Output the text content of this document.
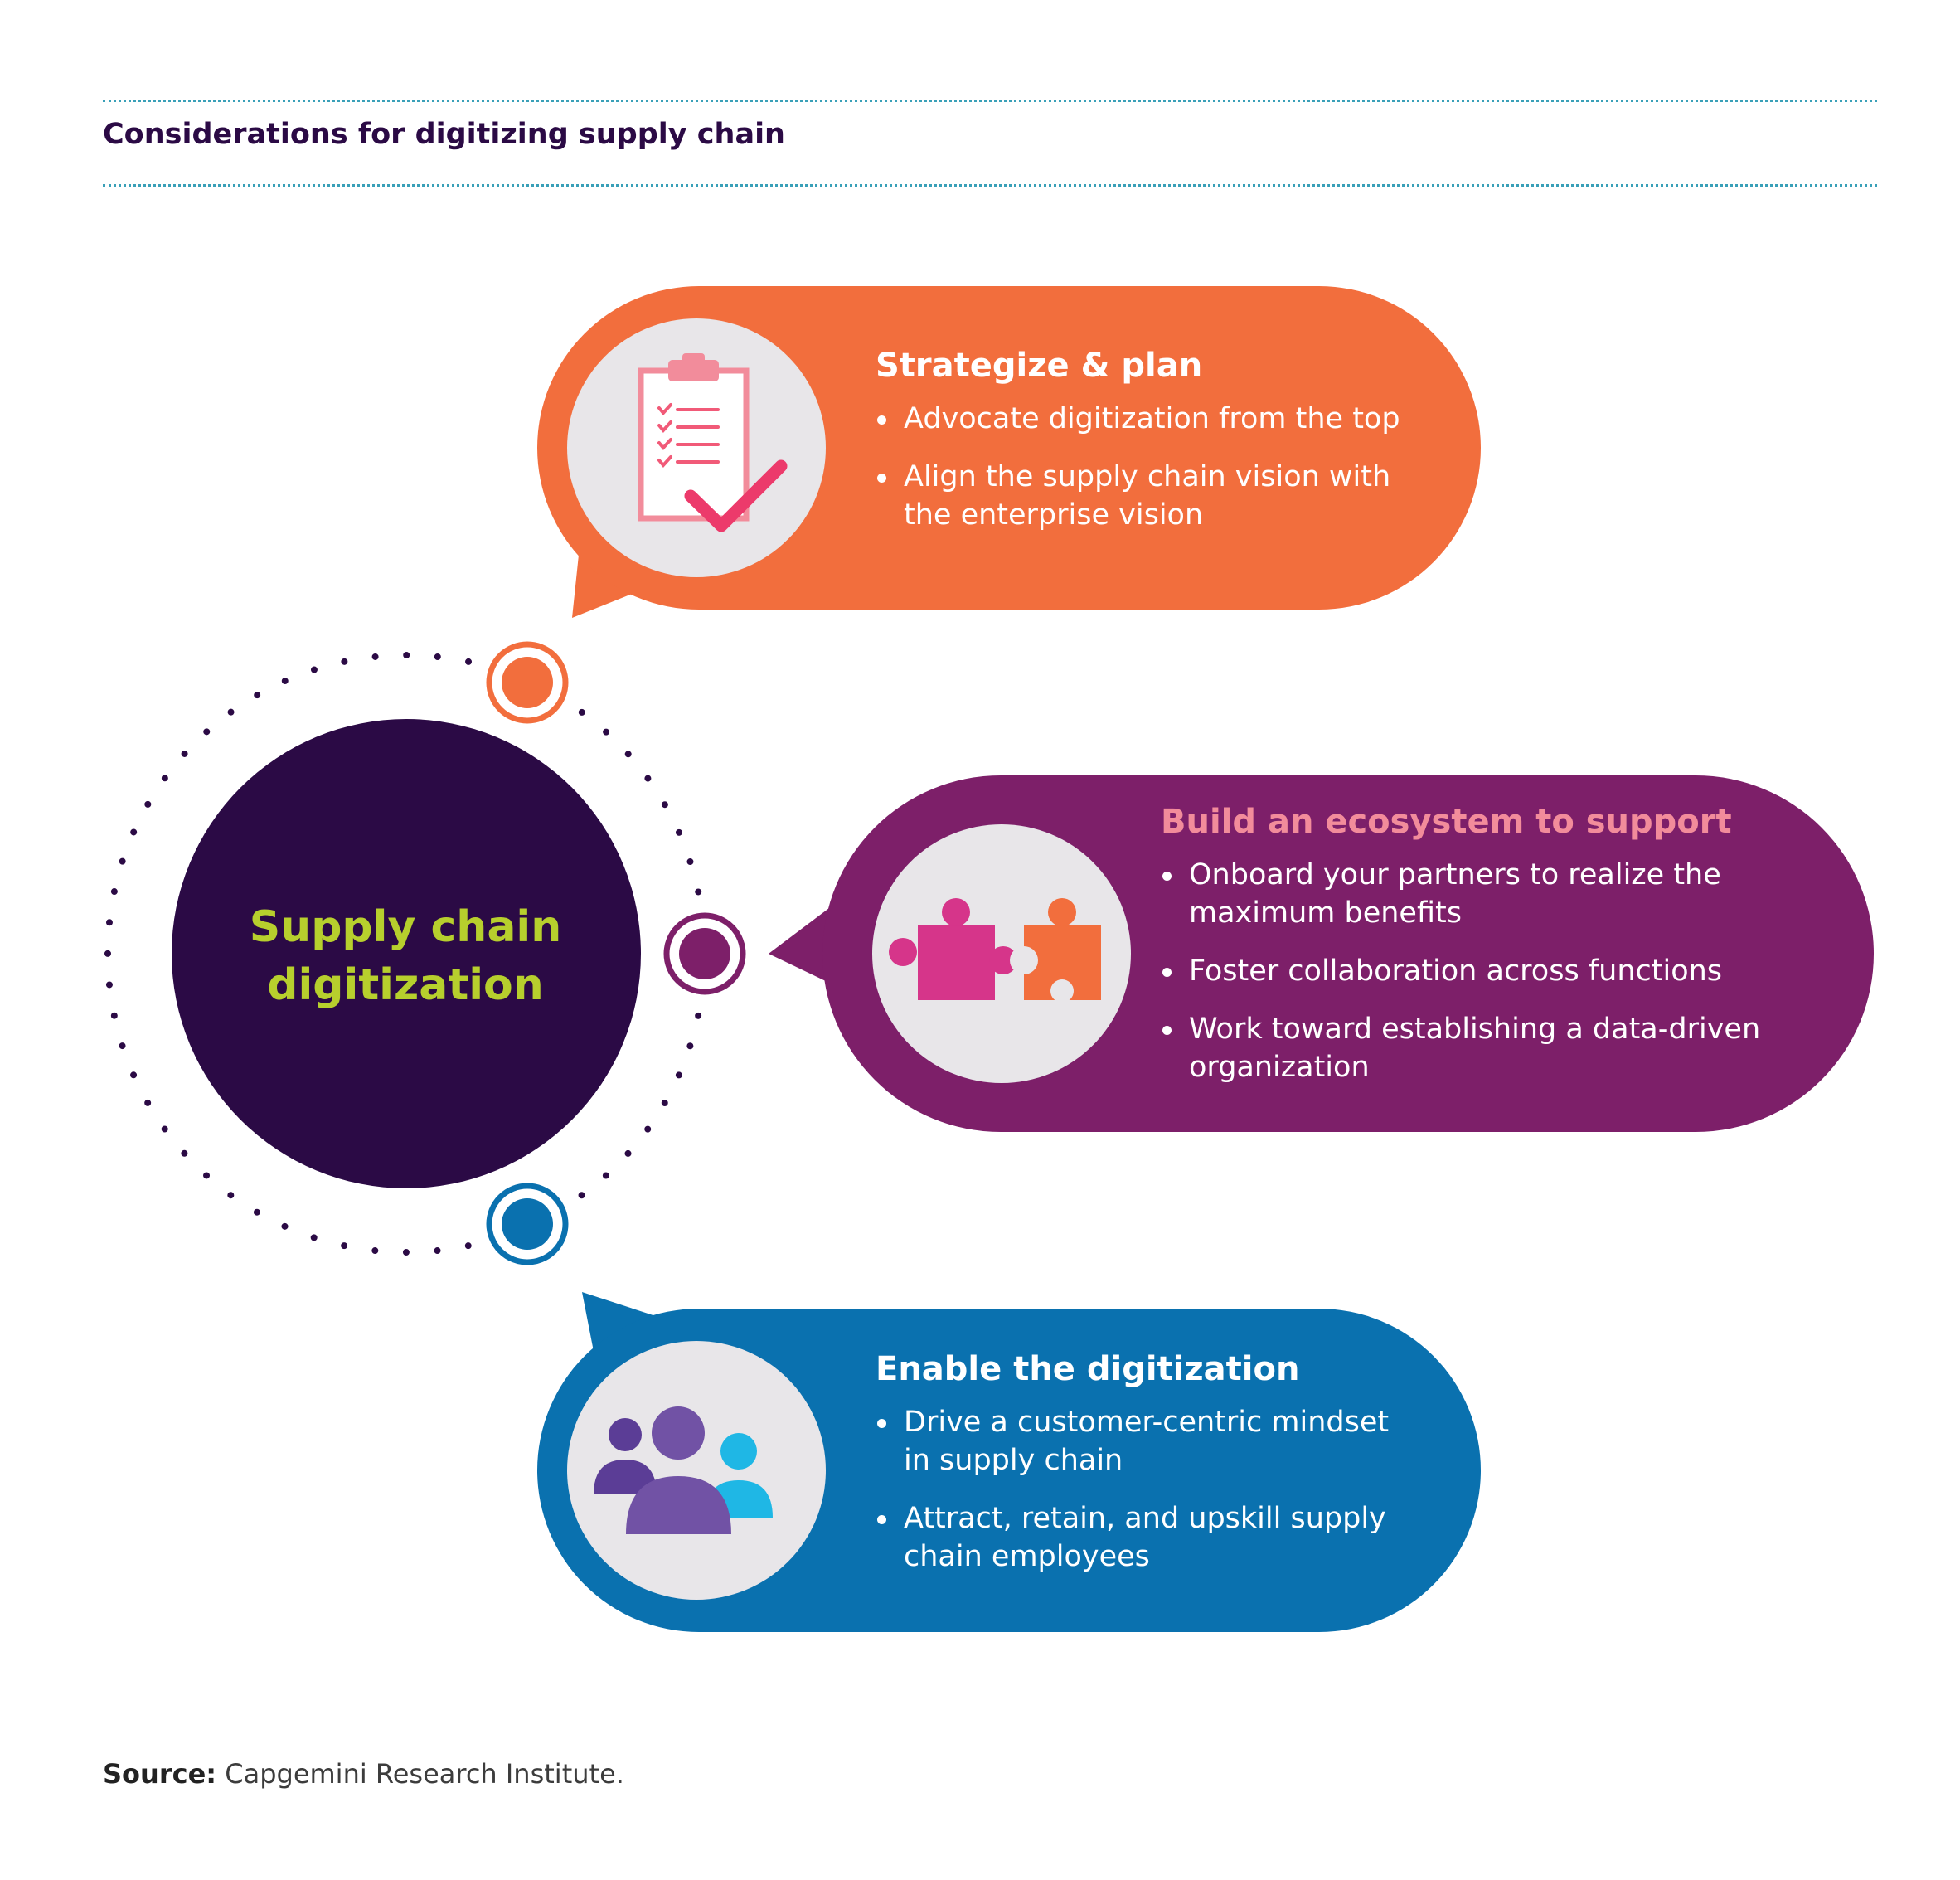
Considerations for digitizing supply chain

Supply chain digitization

Strategize & plan
Advocate digitization from the top
Align the supply chain vision with the enterprise vision
Build an ecosystem to support
Onboard your partners to realize the maximum benefits
Foster collaboration across functions
Work toward establishing a data-driven organization
Enable the digitization
Drive a customer-centric mindset in supply chain
Attract, retain, and upskill supply chain employees

Source: Capgemini Research Institute.
